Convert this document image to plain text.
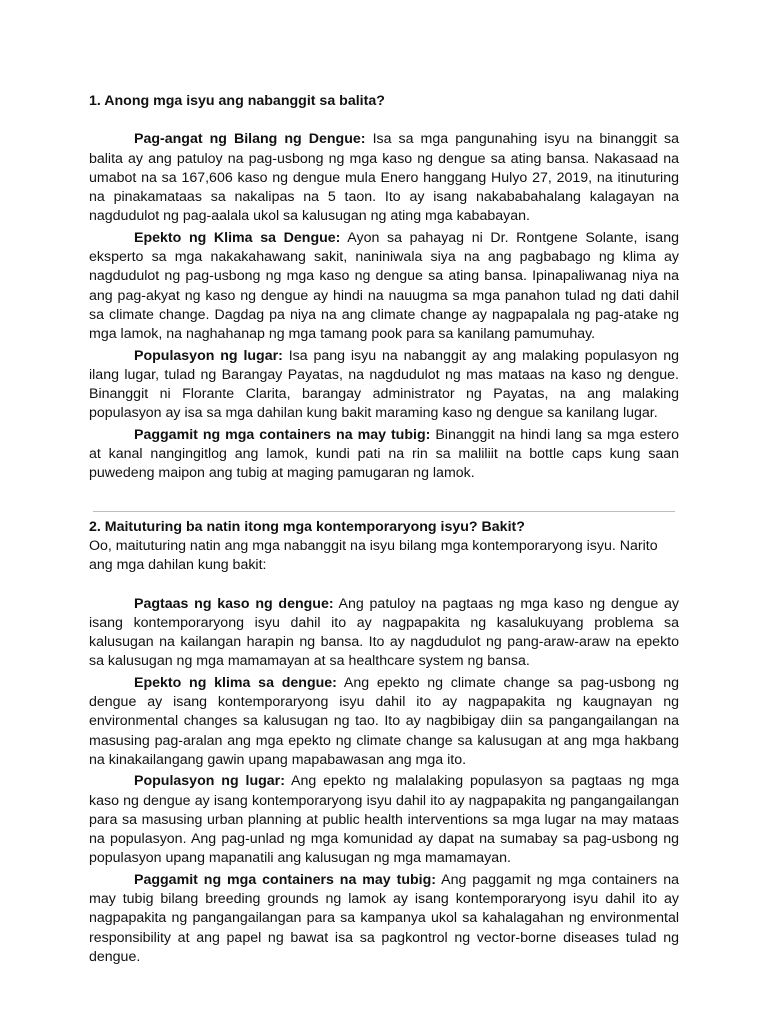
1. Anong mga isyu ang nabanggit sa balita?

Pag-angat ng Bilang ng Dengue: Isa sa mga pangunahing isyu na binanggit sa balita ay ang patuloy na pag-usbong ng mga kaso ng dengue sa ating bansa. Nakasaad na umabot na sa 167,606 kaso ng dengue mula Enero hanggang Hulyo 27, 2019, na itinuturing na pinakamataas sa nakalipas na 5 taon. Ito ay isang nakababahalang kalagayan na nagdudulot ng pag-aalala ukol sa kalusugan ng ating mga kababayan.

Epekto ng Klima sa Dengue: Ayon sa pahayag ni Dr. Rontgene Solante, isang eksperto sa mga nakakahawang sakit, naniniwala siya na ang pagbabago ng klima ay nagdudulot ng pag-usbong ng mga kaso ng dengue sa ating bansa. Ipinapaliwanag niya na ang pag-akyat ng kaso ng dengue ay hindi na nauugma sa mga panahon tulad ng dati dahil sa climate change. Dagdag pa niya na ang climate change ay nagpapalala ng pag-atake ng mga lamok, na naghahanap ng mga tamang pook para sa kanilang pamumuhay.

Populasyon ng lugar: Isa pang isyu na nabanggit ay ang malaking populasyon ng ilang lugar, tulad ng Barangay Payatas, na nagdudulot ng mas mataas na kaso ng dengue. Binanggit ni Florante Clarita, barangay administrator ng Payatas, na ang malaking populasyon ay isa sa mga dahilan kung bakit maraming kaso ng dengue sa kanilang lugar.

Paggamit ng mga containers na may tubig: Binanggit na hindi lang sa mga estero at kanal nangingitlog ang lamok, kundi pati na rin sa maliliit na bottle caps kung saan puwedeng maipon ang tubig at maging pamugaran ng lamok.

2. Maituturing ba natin itong mga kontemporaryong isyu? Bakit?

Oo, maituturing natin ang mga nabanggit na isyu bilang mga kontemporaryong isyu. Narito ang mga dahilan kung bakit:

Pagtaas ng kaso ng dengue: Ang patuloy na pagtaas ng mga kaso ng dengue ay isang kontemporaryong isyu dahil ito ay nagpapakita ng kasalukuyang problema sa kalusugan na kailangan harapin ng bansa. Ito ay nagdudulot ng pang-araw-araw na epekto sa kalusugan ng mga mamamayan at sa healthcare system ng bansa.

Epekto ng klima sa dengue: Ang epekto ng climate change sa pag-usbong ng dengue ay isang kontemporaryong isyu dahil ito ay nagpapakita ng kaugnayan ng environmental changes sa kalusugan ng tao. Ito ay nagbibigay diin sa pangangailangan na masusing pag-aralan ang mga epekto ng climate change sa kalusugan at ang mga hakbang na kinakailangang gawin upang mapabawasan ang mga ito.

Populasyon ng lugar: Ang epekto ng malalaking populasyon sa pagtaas ng mga kaso ng dengue ay isang kontemporaryong isyu dahil ito ay nagpapakita ng pangangailangan para sa masusing urban planning at public health interventions sa mga lugar na may mataas na populasyon. Ang pag-unlad ng mga komunidad ay dapat na sumabay sa pag-usbong ng populasyon upang mapanatili ang kalusugan ng mga mamamayan.

Paggamit ng mga containers na may tubig: Ang paggamit ng mga containers na may tubig bilang breeding grounds ng lamok ay isang kontemporaryong isyu dahil ito ay nagpapakita ng pangangailangan para sa kampanya ukol sa kahalagahan ng environmental responsibility at ang papel ng bawat isa sa pagkontrol ng vector-borne diseases tulad ng dengue.
